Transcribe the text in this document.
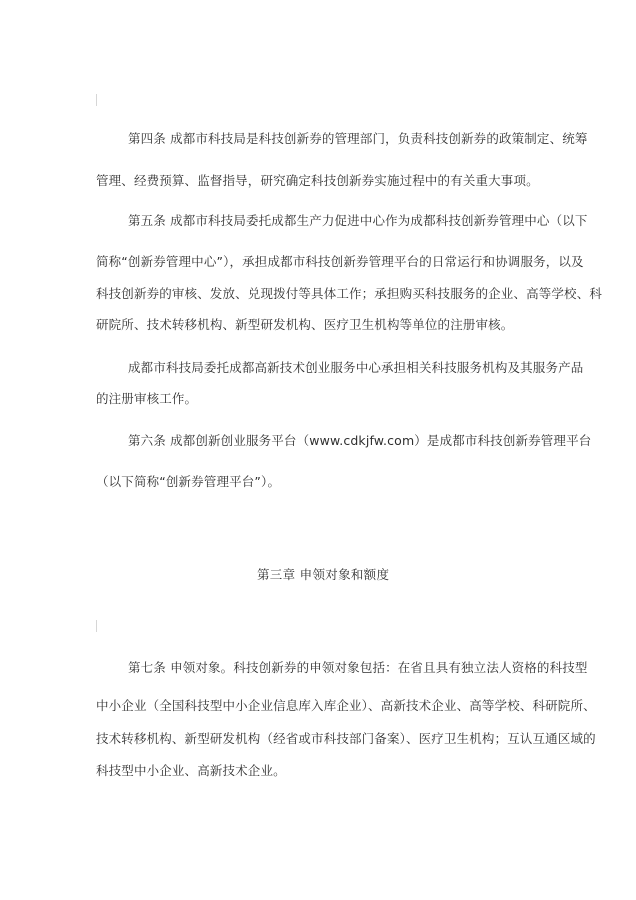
第四条 成都市科技局是科技创新券的管理部门，负责科技创新券的政策制定、统筹
管理、经费预算、监督指导，研究确定科技创新券实施过程中的有关重大事项。
第五条 成都市科技局委托成都生产力促进中心作为成都科技创新券管理中心（以下
简称“创新券管理中心”），承担成都市科技创新券管理平台的日常运行和协调服务，以及
科技创新券的审核、发放、兑现拨付等具体工作；承担购买科技服务的企业、高等学校、科
研院所、技术转移机构、新型研发机构、医疗卫生机构等单位的注册审核。
成都市科技局委托成都高新技术创业服务中心承担相关科技服务机构及其服务产品
的注册审核工作。
第六条 成都创新创业服务平台（www.cdkjfw.com）是成都市科技创新券管理平台
（以下简称“创新券管理平台”）。
第三章 申领对象和额度
第七条 申领对象。科技创新券的申领对象包括：在省且具有独立法人资格的科技型
中小企业（全国科技型中小企业信息库入库企业）、高新技术企业、高等学校、科研院所、
技术转移机构、新型研发机构（经省或市科技部门备案）、医疗卫生机构；互认互通区域的
科技型中小企业、高新技术企业。
